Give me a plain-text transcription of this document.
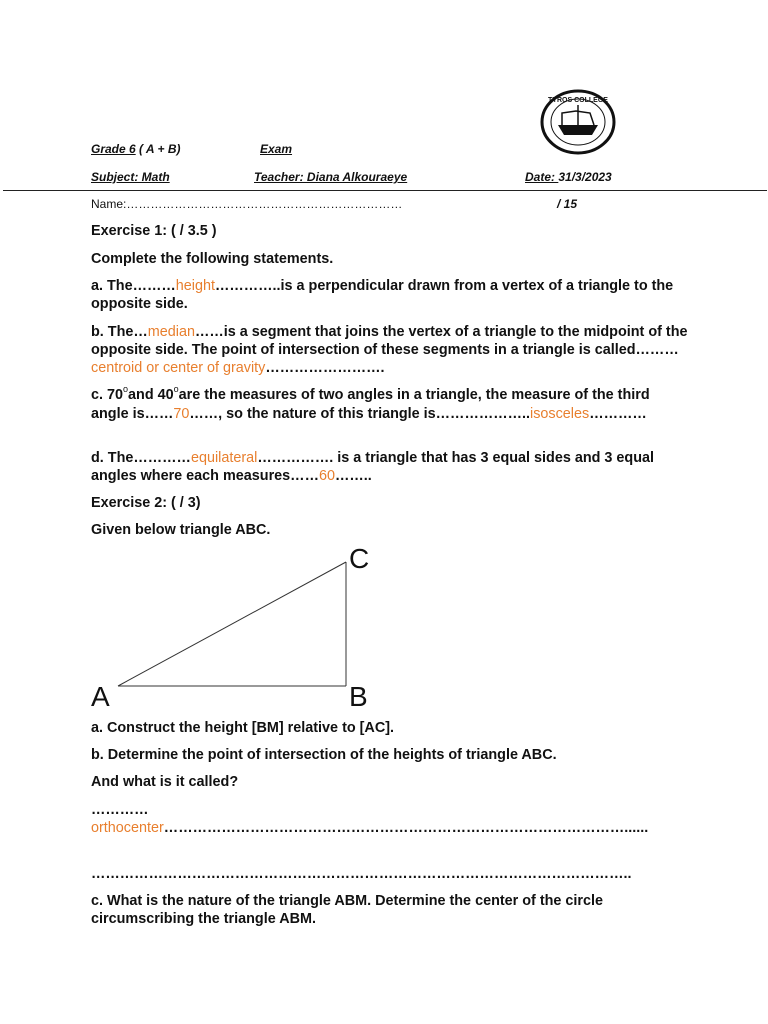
TYROS COLLEGE
Grade 6 ( A + B)	Exam
Subject: Math	Teacher: Diana Alkouraeye	Date: 31/3/2023
Name:……………………………………………………………	/ 15
Exercise 1: ( / 3.5 )
Complete the following statements.
a. The………height…………..is a perpendicular drawn from a vertex of a triangle to the opposite side.
b. The…median……is a segment that joins the vertex of a triangle to the midpoint of the opposite side. The point of intersection of these segments in a triangle is called………centroid or center of gravity…………………….
c. 70$^o$and 40$^o$are the measures of two angles in a triangle, the measure of the third angle is……70……, so the nature of this triangle is………………..isosceles…………
d. The…………equilateral……………. is a triangle that has 3 equal sides and 3 equal angles where each measures……60……..
Exercise 2: ( / 3)
Given below triangle ABC.
A	B
C
a. Construct the height [BM] relative to [AC].
b. Determine the point of intersection of the heights of triangle ABC.
And what is it called?
…………
orthocenter……………………………………………………………………………………......
…………………………………………………………………………………………………..
c. What is the nature of the triangle ABM. Determine the center of the circle circumscribing the triangle ABM.
